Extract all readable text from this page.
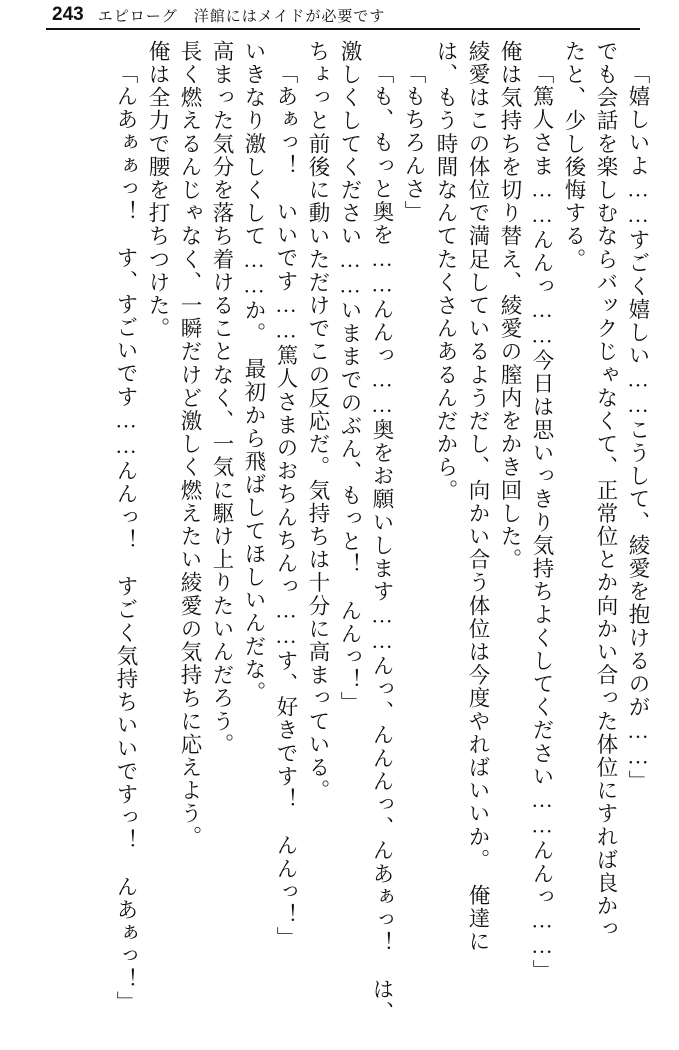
243 エピローグ　洋館にはメイドが必要です
「嬉しいよ……すごく嬉しい……こうして、綾愛を抱けるのが……」
でも会話を楽しむならバックじゃなくて、正常位とか向かい合った体位にすれば良かっ
たと、少し後悔する。
「篤人さま……んんっ……今日は思いっきり気持ちよくしてください……んんっ……」
俺は気持ちを切り替え、綾愛の膣内をかき回した。
綾愛はこの体位で満足しているようだし、向かい合う体位は今度やればいいか。　俺達に
は、もう時間なんてたくさんあるんだから。
「もちろんさ」
「も、もっと奥を……んんっ……奥をお願いします……んっ、んんんっ、んあぁっ！　は、
激しくしてください……いままでのぶん、もっと！　んんっ！」
ちょっと前後に動いただけでこの反応だ。気持ちは十分に高まっている。
「あぁっ！　いいです……篤人さまのおちんちんっ……す、好きです！　んんっ！」
いきなり激しくして……か。　最初から飛ばしてほしいんだな。
高まった気分を落ち着けることなく、一気に駆け上りたいんだろう。
長く燃えるんじゃなく、一瞬だけど激しく燃えたい綾愛の気持ちに応えよう。
俺は全力で腰を打ちつけた。
「んあぁぁっ！　す、すごいです……んんっ！　すごく気持ちいいですっ！　んあぁっ！」
